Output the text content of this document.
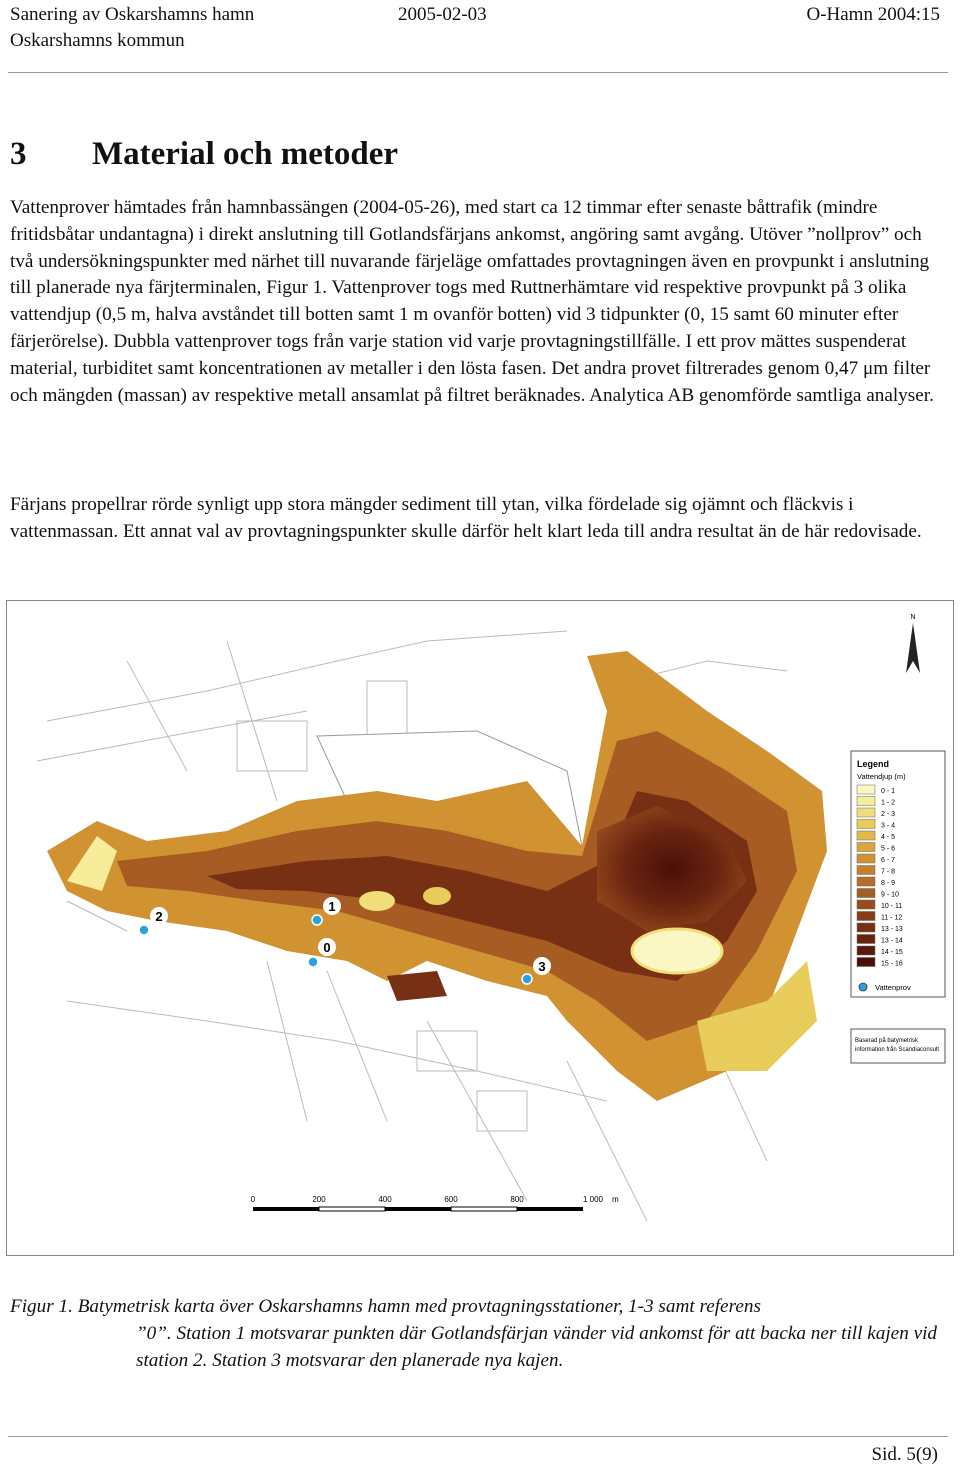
Sanering av Oskarshamns hamn	O-Hamn 2004:15
2005-02-03
Oskarshamns kommun
3 Material och metoder

Vattenprover hämtades från hamnbassängen (2004-05-26), med start ca 12 timmar efter senaste båttrafik (mindre fritidsbåtar undantagna) i direkt anslutning till Gotlandsfärjans ankomst, angöring samt avgång. Utöver ”nollprov” och två undersökningspunkter med närhet till nuvarande färjeläge omfattades provtagningen även en provpunkt i anslutning till planerade nya färjterminalen, Figur 1. Vattenprover togs med Ruttnerhämtare vid respektive provpunkt på 3 olika vattendjup (0,5 m, halva avståndet till botten samt 1 m ovanför botten) vid 3 tidpunkter (0, 15 samt 60 minuter efter färjerörelse). Dubbla vattenprover togs från varje station vid varje provtagningstillfälle. I ett prov mättes suspenderat material, turbiditet samt koncentrationen av metaller i den lösta fasen. Det andra provet filtrerades genom 0,47 μm filter och mängden (massan) av respektive metall ansamlat på filtret beräknades. Analytica AB genomförde samtliga analyser.

Färjans propellrar rörde synligt upp stora mängder sediment till ytan, vilka fördelade sig ojämnt och fläckvis i vattenmassan. Ett annat val av provtagningspunkter skulle därför helt klart leda till andra resultat än de här redovisade.

0
1
2
3
N
Legend
Vattendjup (m)
0 - 1
1 - 2
2 - 3
3 - 4
4 - 5
5 - 6
6 - 7
7 - 8
8 - 9
9 - 10
10 - 11
11 - 12
13 - 13
13 - 14
14 - 15
15 - 16
Vattenprov
Baserad på batymetrisk
information från Scandiaconsult
0	200	400	600	800	1 000 m
Figur 1. Batymetrisk karta över Oskarshamns hamn med provtagningsstationer, 1-3 samt referens
”0”. Station 1 motsvarar punkten där Gotlandsfärjan vänder vid ankomst för att backa ner till kajen vid station 2. Station 3 motsvarar den planerade nya kajen.
Sid. 5(9)
